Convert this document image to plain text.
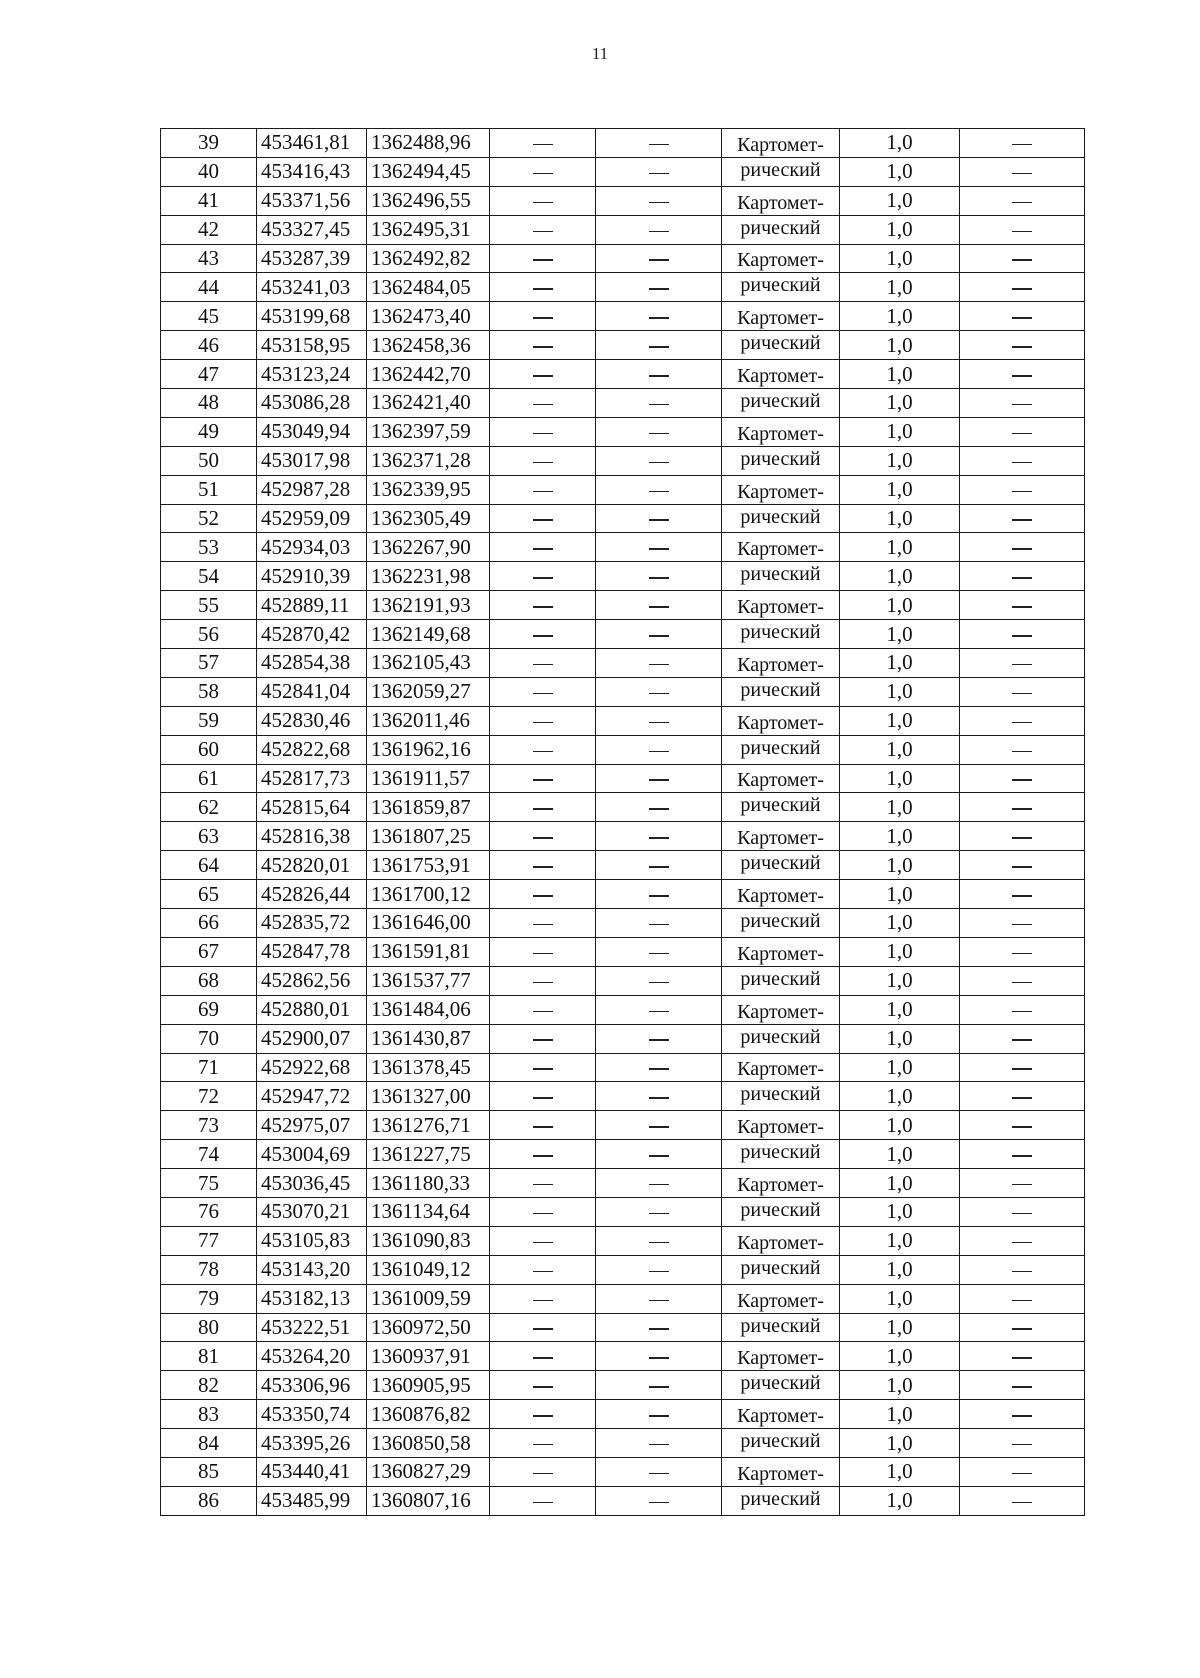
11
39	453461,81	1362488,96			Картомет-	1,0	
40	453416,43	1362494,45			рический	1,0	
41	453371,56	1362496,55			Картомет-	1,0	
42	453327,45	1362495,31			рический	1,0	
43	453287,39	1362492,82			Картомет-	1,0	
44	453241,03	1362484,05			рический	1,0	
45	453199,68	1362473,40			Картомет-	1,0	
46	453158,95	1362458,36			рический	1,0	
47	453123,24	1362442,70			Картомет-	1,0	
48	453086,28	1362421,40			рический	1,0	
49	453049,94	1362397,59			Картомет-	1,0	
50	453017,98	1362371,28			рический	1,0	
51	452987,28	1362339,95			Картомет-	1,0	
52	452959,09	1362305,49			рический	1,0	
53	452934,03	1362267,90			Картомет-	1,0	
54	452910,39	1362231,98			рический	1,0	
55	452889,11	1362191,93			Картомет-	1,0	
56	452870,42	1362149,68			рический	1,0	
57	452854,38	1362105,43			Картомет-	1,0	
58	452841,04	1362059,27			рический	1,0	
59	452830,46	1362011,46			Картомет-	1,0	
60	452822,68	1361962,16			рический	1,0	
61	452817,73	1361911,57			Картомет-	1,0	
62	452815,64	1361859,87			рический	1,0	
63	452816,38	1361807,25			Картомет-	1,0	
64	452820,01	1361753,91			рический	1,0	
65	452826,44	1361700,12			Картомет-	1,0	
66	452835,72	1361646,00			рический	1,0	
67	452847,78	1361591,81			Картомет-	1,0	
68	452862,56	1361537,77			рический	1,0	
69	452880,01	1361484,06			Картомет-	1,0	
70	452900,07	1361430,87			рический	1,0	
71	452922,68	1361378,45			Картомет-	1,0	
72	452947,72	1361327,00			рический	1,0	
73	452975,07	1361276,71			Картомет-	1,0	
74	453004,69	1361227,75			рический	1,0	
75	453036,45	1361180,33			Картомет-	1,0	
76	453070,21	1361134,64			рический	1,0	
77	453105,83	1361090,83			Картомет-	1,0	
78	453143,20	1361049,12			рический	1,0	
79	453182,13	1361009,59			Картомет-	1,0	
80	453222,51	1360972,50			рический	1,0	
81	453264,20	1360937,91			Картомет-	1,0	
82	453306,96	1360905,95			рический	1,0	
83	453350,74	1360876,82			Картомет-	1,0	
84	453395,26	1360850,58			рический	1,0	
85	453440,41	1360827,29			Картомет-	1,0	
86	453485,99	1360807,16			рический	1,0	
